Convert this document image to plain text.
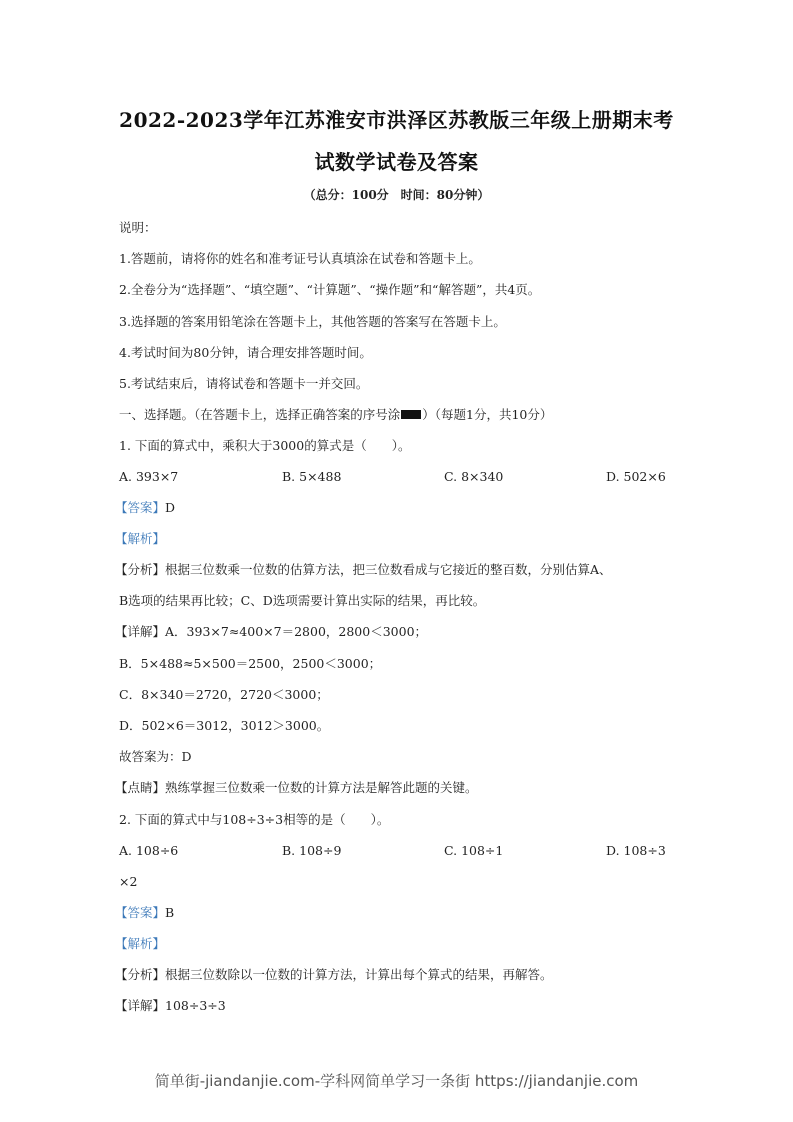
2022-2023学年江苏淮安市洪泽区苏教版三年级上册期末考
试数学试卷及答案
（总分：100分　时间：80分钟）
说明：
1.答题前，请将你的姓名和准考证号认真填涂在试卷和答题卡上。
2.全卷分为“选择题”、“填空题”、“计算题”、“操作题”和“解答题”，共4页。
3.选择题的答案用铅笔涂在答题卡上，其他答题的答案写在答题卡上。
4.考试时间为80分钟，请合理安排答题时间。
5.考试结束后，请将试卷和答题卡一并交回。
一、选择题。（在答题卡上，选择正确答案的序号涂 ）（每题1分，共10分）
1. 下面的算式中，乘积大于3000的算式是（　　）。
A. 393×7	B. 5×488	C. 8×340	D. 502×6
【答案】D
【解析】
【分析】根据三位数乘一位数的估算方法，把三位数看成与它接近的整百数，分别估算A、
B选项的结果再比较；C、D选项需要计算出实际的结果，再比较。
【详解】A．393×7≈400×7＝2800，2800＜3000；
B．5×488≈5×500＝2500，2500＜3000；
C．8×340＝2720，2720＜3000；
D．502×6＝3012，3012＞3000。
故答案为：D
【点睛】熟练掌握三位数乘一位数的计算方法是解答此题的关键。
2. 下面的算式中与108÷3÷3相等的是（　　）。
A. 108÷6	B. 108÷9	C. 108÷1	D. 108÷3
×2
【答案】B
【解析】
【分析】根据三位数除以一位数的计算方法，计算出每个算式的结果，再解答。
【详解】108÷3÷3
简单街-jiandanjie.com-学科网简单学习一条街 https://jiandanjie.com
